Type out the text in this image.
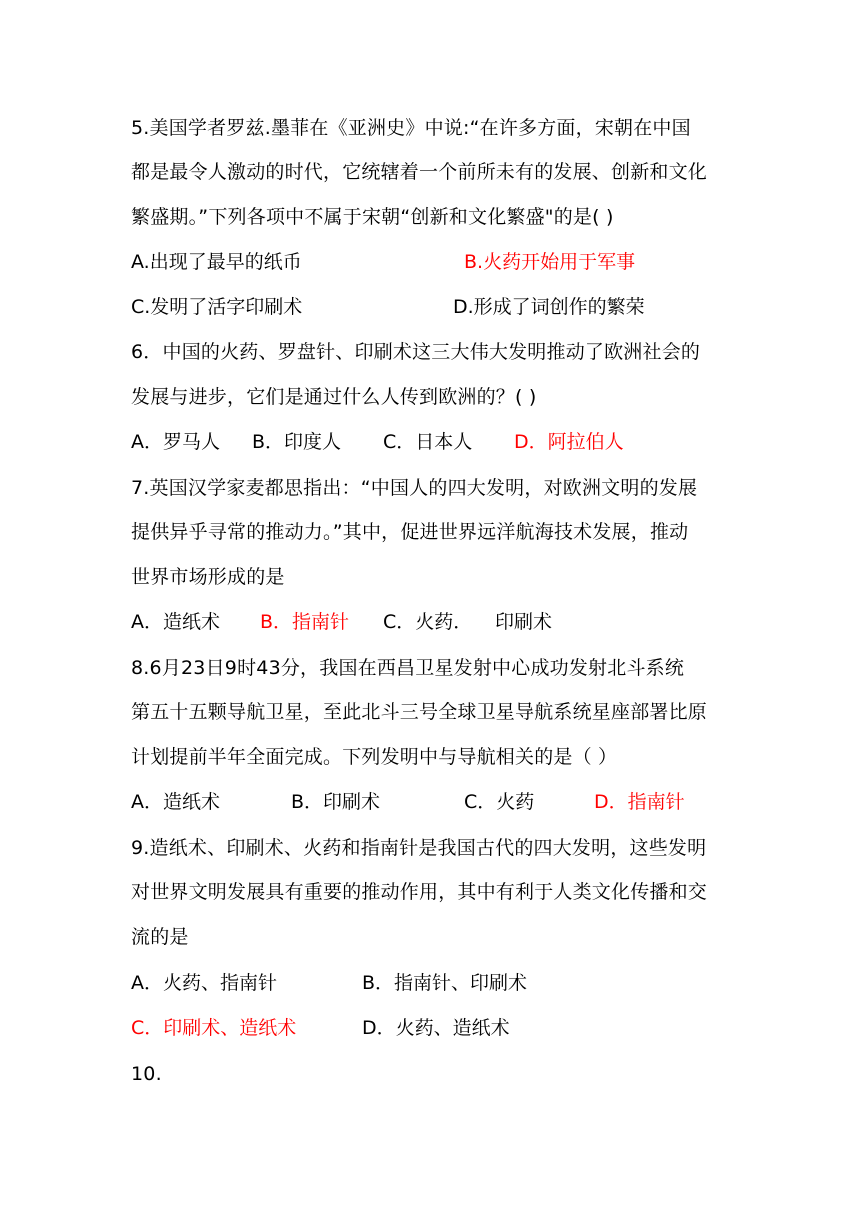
5.美国学者罗兹.墨菲在《亚洲史》中说:“在许多方面，宋朝在中国
都是最令人激动的时代，它统辖着一个前所未有的发展、创新和文化
繁盛期。”下列各项中不属于宋朝“创新和文化繁盛"的是( )
A.出现了最早的纸币	B.火药开始用于军事
C.发明了活字印刷术	D.形成了词创作的繁荣
6．中国的火药、罗盘针、印刷术这三大伟大发明推动了欧洲社会的
发展与进步，它们是通过什么人传到欧洲的？( )
A．罗马人 B．印度人 C．日本人 D．阿拉伯人
7.英国汉学家麦都思指出：“中国人的四大发明，对欧洲文明的发展
提供异乎寻常的推动力。”其中，促进世界远洋航海技术发展，推动
世界市场形成的是
A．造纸术 B．指南针 C．火药． 印刷术
8.6月23日9时43分，我国在西昌卫星发射中心成功发射北斗系统
第五十五颗导航卫星，至此北斗三号全球卫星导航系统星座部署比原
计划提前半年全面完成。下列发明中与导航相关的是（ ）
A．造纸术	B．印刷术	C．火药	D．指南针
9.造纸术、印刷术、火药和指南针是我国古代的四大发明，这些发明
对世界文明发展具有重要的推动作用，其中有利于人类文化传播和交
流的是
A．火药、指南针	B．指南针、印刷术
C．印刷术、造纸术	D．火药、造纸术
10.
